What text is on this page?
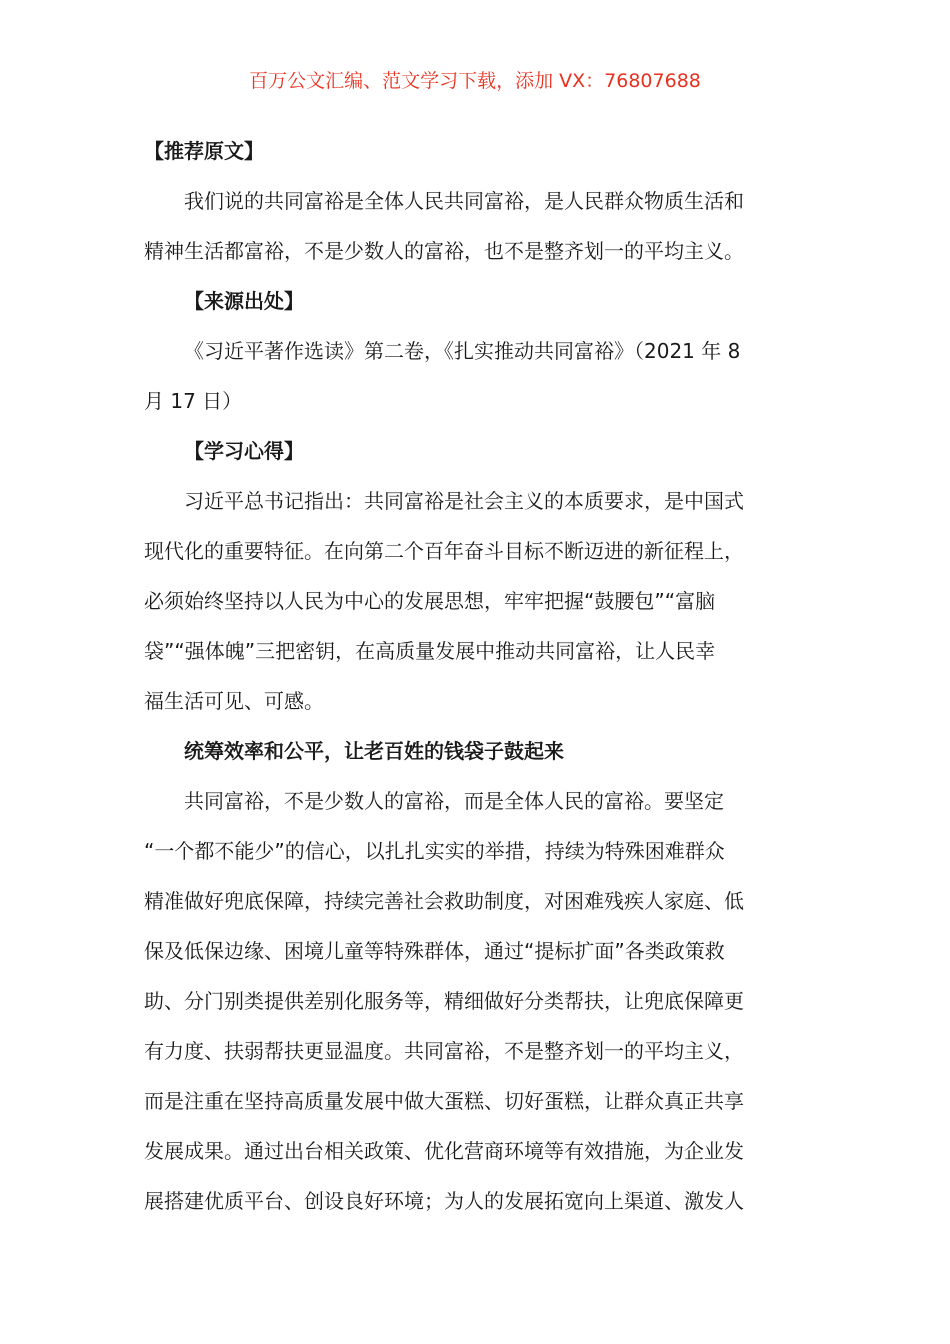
百万公文汇编、范文学习下载，添加 VX：76807688
【推荐原文】
我们说的共同富裕是全体人民共同富裕，是人民群众物质生活和
精神生活都富裕，不是少数人的富裕，也不是整齐划一的平均主义。
【来源出处】
《习近平著作选读》第二卷，《扎实推动共同富裕》（2021 年 8
月 17 日）
【学习心得】
习近平总书记指出：共同富裕是社会主义的本质要求，是中国式
现代化的重要特征。在向第二个百年奋斗目标不断迈进的新征程上，
必须始终坚持以人民为中心的发展思想，牢牢把握“鼓腰包”“富脑
袋”“强体魄”三把密钥，在高质量发展中推动共同富裕，让人民幸
福生活可见、可感。
统筹效率和公平，让老百姓的钱袋子鼓起来
共同富裕，不是少数人的富裕，而是全体人民的富裕。要坚定
“一个都不能少”的信心，以扎扎实实的举措，持续为特殊困难群众
精准做好兜底保障，持续完善社会救助制度，对困难残疾人家庭、低
保及低保边缘、困境儿童等特殊群体，通过“提标扩面”各类政策救
助、分门别类提供差别化服务等，精细做好分类帮扶，让兜底保障更
有力度、扶弱帮扶更显温度。共同富裕，不是整齐划一的平均主义，
而是注重在坚持高质量发展中做大蛋糕、切好蛋糕，让群众真正共享
发展成果。通过出台相关政策、优化营商环境等有效措施，为企业发
展搭建优质平台、创设良好环境；为人的发展拓宽向上渠道、激发人
